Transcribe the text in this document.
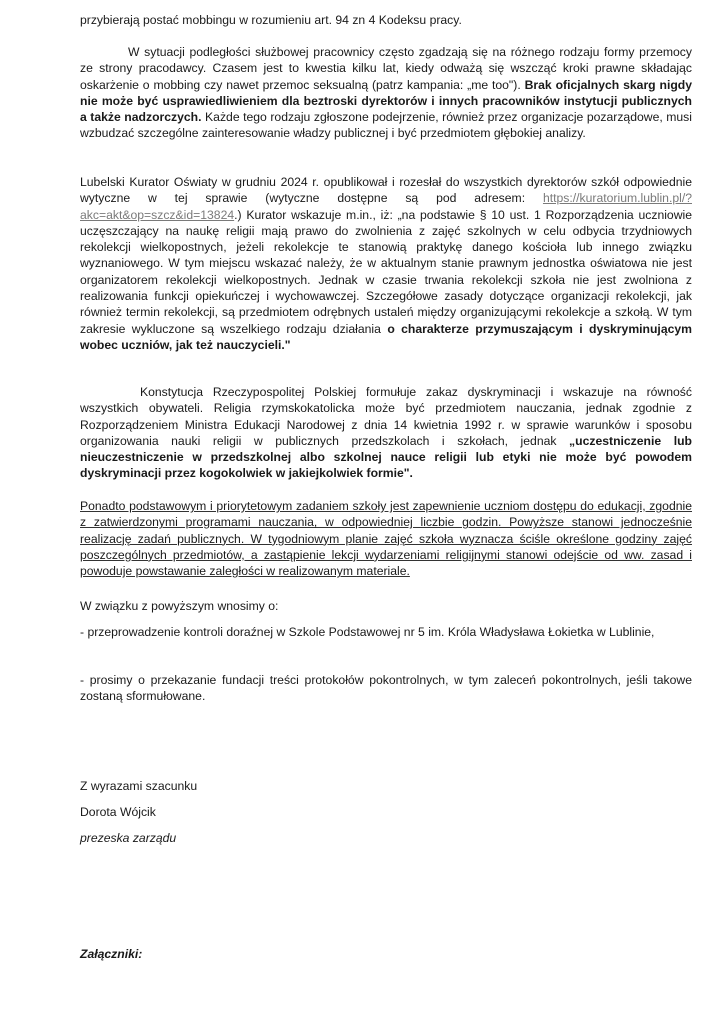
przybierają postać mobbingu w rozumieniu art. 94 zn 4 Kodeksu pracy.

W sytuacji podległości służbowej pracownicy często zgadzają się na różnego rodzaju formy przemocy ze strony pracodawcy. Czasem jest to kwestia kilku lat, kiedy odważą się wszcząć kroki prawne składając oskarżenie o mobbing czy nawet przemoc seksualną (patrz kampania: „me too"). Brak oficjalnych skarg nigdy nie może być usprawiedliwieniem dla beztroski dyrektorów i innych pracowników instytucji publicznych a także nadzorczych. Każde tego rodzaju zgłoszone podejrzenie, również przez organizacje pozarządowe, musi wzbudzać szczególne zainteresowanie władzy publicznej i być przedmiotem głębokiej analizy.

Lubelski Kurator Oświaty w grudniu 2024 r. opublikował i rozesłał do wszystkich dyrektorów szkół odpowiednie wytyczne w tej sprawie (wytyczne dostępne są pod adresem: https://kuratorium.lublin.pl/?akc=akt&op=szcz&id=13824.) Kurator wskazuje m.in., iż: „na podstawie § 10 ust. 1 Rozporządzenia uczniowie uczęszczający na naukę religii mają prawo do zwolnienia z zajęć szkolnych w celu odbycia trzydniowych rekolekcji wielkopostnych, jeżeli rekolekcje te stanowią praktykę danego kościoła lub innego związku wyznaniowego. W tym miejscu wskazać należy, że w aktualnym stanie prawnym jednostka oświatowa nie jest organizatorem rekolekcji wielkopostnych. Jednak w czasie trwania rekolekcji szkoła nie jest zwolniona z realizowania funkcji opiekuńczej i wychowawczej. Szczegółowe zasady dotyczące organizacji rekolekcji, jak również termin rekolekcji, są przedmiotem odrębnych ustaleń między organizującymi rekolekcje a szkołą. W tym zakresie wykluczone są wszelkiego rodzaju działania o charakterze przymuszającym i dyskryminującym wobec uczniów, jak też nauczycieli."

Konstytucja Rzeczypospolitej Polskiej formułuje zakaz dyskryminacji i wskazuje na równość wszystkich obywateli. Religia rzymskokatolicka może być przedmiotem nauczania, jednak zgodnie z Rozporządzeniem Ministra Edukacji Narodowej z dnia 14 kwietnia 1992 r. w sprawie warunków i sposobu organizowania nauki religii w publicznych przedszkolach i szkołach, jednak „uczestniczenie lub nieuczestniczenie w przedszkolnej albo szkolnej nauce religii lub etyki nie może być powodem dyskryminacji przez kogokolwiek w jakiejkolwiek formie".

Ponadto podstawowym i priorytetowym zadaniem szkoły jest zapewnienie uczniom dostępu do edukacji, zgodnie z zatwierdzonymi programami nauczania, w odpowiedniej liczbie godzin. Powyższe stanowi jednocześnie realizację zadań publicznych. W tygodniowym planie zajęć szkoła wyznacza ściśle określone godziny zajęć poszczególnych przedmiotów, a zastąpienie lekcji wydarzeniami religijnymi stanowi odejście od ww. zasad i powoduje powstawanie zaległości w realizowanym materiale.

W związku z powyższym wnosimy o:

- przeprowadzenie kontroli doraźnej w Szkole Podstawowej nr 5 im. Króla Władysława Łokietka w Lublinie,

- prosimy o przekazanie fundacji treści protokołów pokontrolnych, w tym zaleceń pokontrolnych, jeśli takowe zostaną sformułowane.

Z wyrazami szacunku

Dorota Wójcik

prezeska zarządu

Załączniki:
